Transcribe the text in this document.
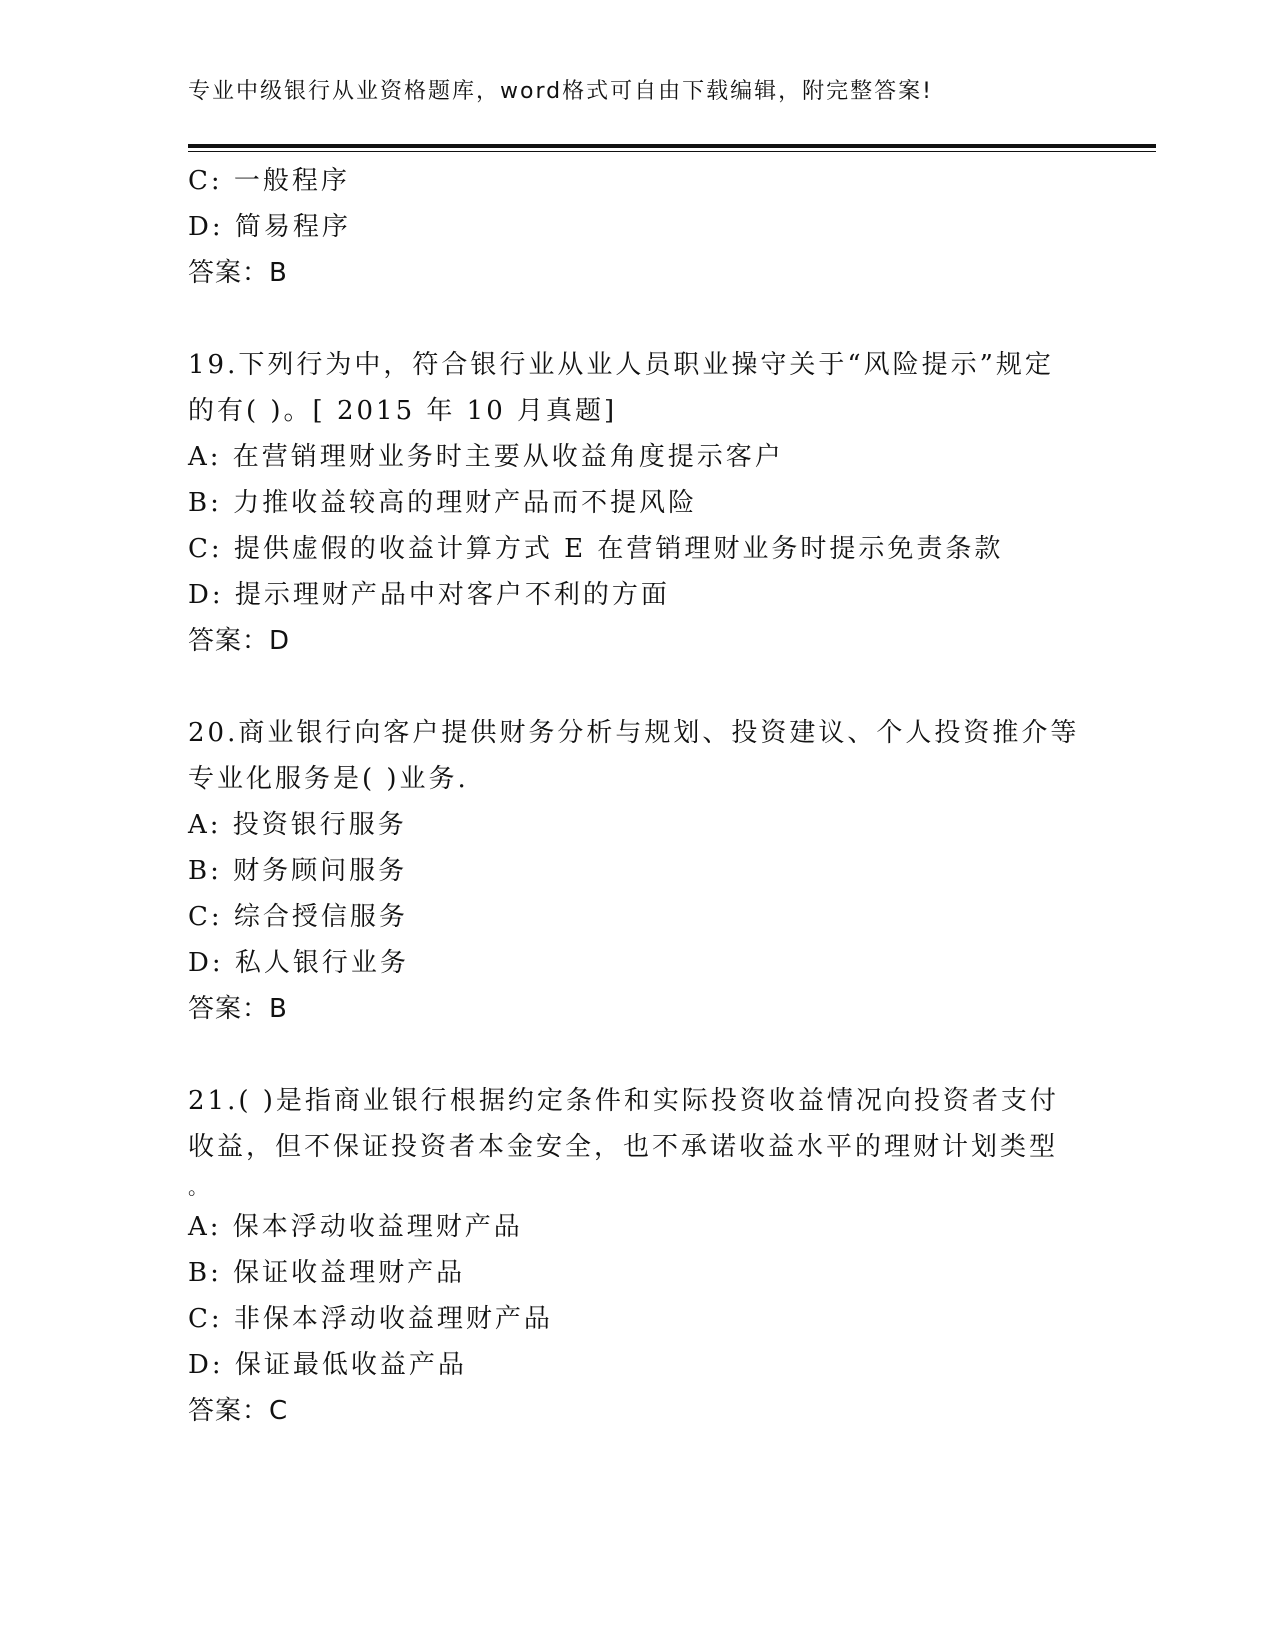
专业中级银行从业资格题库，word格式可自由下载编辑，附完整答案!
C: 一般程序
D: 简易程序
答案：B
19.下列行为中，符合银行业从业人员职业操守关于“风险提示”规定
的有( )。[ 2015 年 10 月真题]
A: 在营销理财业务时主要从收益角度提示客户
B: 力推收益较高的理财产品而不提风险
C: 提供虚假的收益计算方式 E 在营销理财业务时提示免责条款
D: 提示理财产品中对客户不利的方面
答案：D
20.商业银行向客户提供财务分析与规划、投资建议、个人投资推介等
专业化服务是( )业务.
A: 投资银行服务
B: 财务顾问服务
C: 综合授信服务
D: 私人银行业务
答案：B
21.( )是指商业银行根据约定条件和实际投资收益情况向投资者支付
收益，但不保证投资者本金安全，也不承诺收益水平的理财计划类型
。
A: 保本浮动收益理财产品
B: 保证收益理财产品
C: 非保本浮动收益理财产品
D: 保证最低收益产品
答案：C
